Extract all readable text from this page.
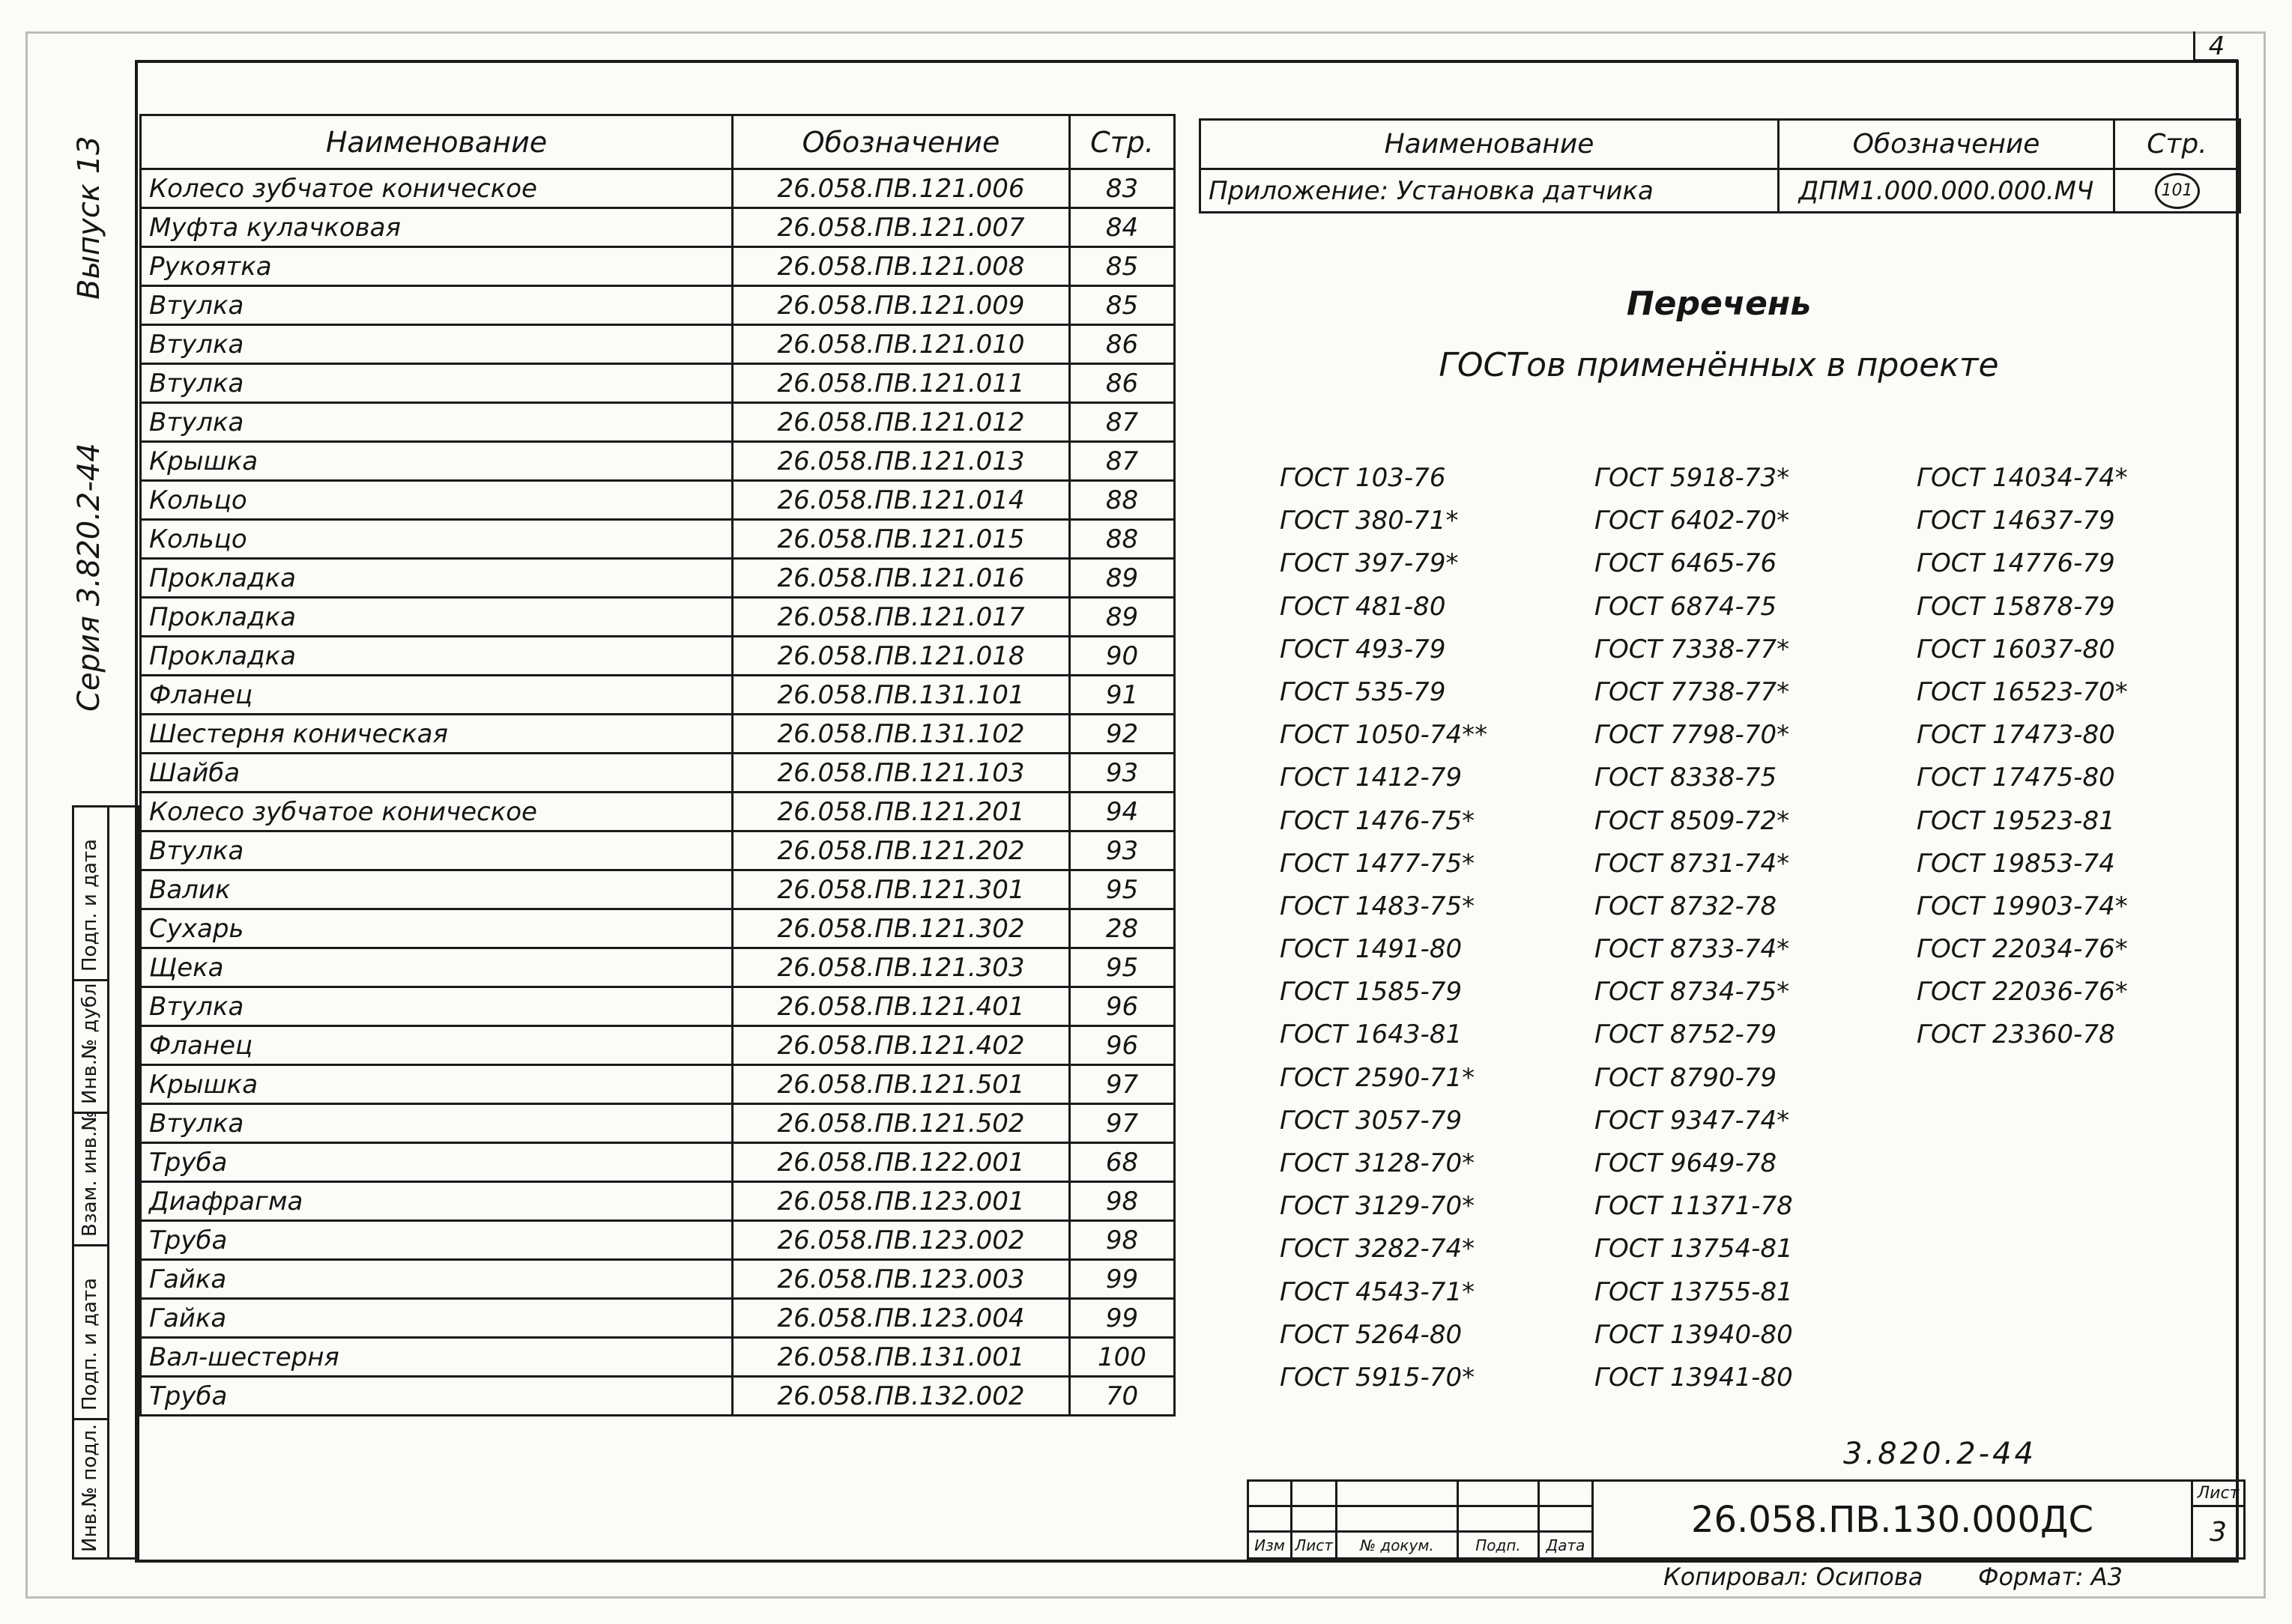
4
Выпуск 13
Серия 3.820.2-44
Подп. и дата
Инв.№ дубл.
Взам. инв.№
Подп. и дата
Инв.№ подл.
Наименование	Обозначение	Стр.
Колесо зубчатое коническое	26.058.ПВ.121.006	83
Муфта кулачковая	26.058.ПВ.121.007	84
Рукоятка	26.058.ПВ.121.008	85
Втулка	26.058.ПВ.121.009	85
Втулка	26.058.ПВ.121.010	86
Втулка	26.058.ПВ.121.011	86
Втулка	26.058.ПВ.121.012	87
Крышка	26.058.ПВ.121.013	87
Кольцо	26.058.ПВ.121.014	88
Кольцо	26.058.ПВ.121.015	88
Прокладка	26.058.ПВ.121.016	89
Прокладка	26.058.ПВ.121.017	89
Прокладка	26.058.ПВ.121.018	90
Фланец	26.058.ПВ.131.101	91
Шестерня коническая	26.058.ПВ.131.102	92
Шайба	26.058.ПВ.121.103	93
Колесо зубчатое коническое	26.058.ПВ.121.201	94
Втулка	26.058.ПВ.121.202	93
Валик	26.058.ПВ.121.301	95
Сухарь	26.058.ПВ.121.302	28
Щека	26.058.ПВ.121.303	95
Втулка	26.058.ПВ.121.401	96
Фланец	26.058.ПВ.121.402	96
Крышка	26.058.ПВ.121.501	97
Втулка	26.058.ПВ.121.502	97
Труба	26.058.ПВ.122.001	68
Диафрагма	26.058.ПВ.123.001	98
Труба	26.058.ПВ.123.002	98
Гайка	26.058.ПВ.123.003	99
Гайка	26.058.ПВ.123.004	99
Вал-шестерня	26.058.ПВ.131.001	100
Труба	26.058.ПВ.132.002	70
Наименование	Обозначение	Стр.
Приложение: Установка датчика	ДПМ1.000.000.000.МЧ	101
Перечень
ГОСТов применённых в проекте
ГОСТ 103-76
ГОСТ 380-71*
ГОСТ 397-79*
ГОСТ 481-80
ГОСТ 493-79
ГОСТ 535-79
ГОСТ 1050-74**
ГОСТ 1412-79
ГОСТ 1476-75*
ГОСТ 1477-75*
ГОСТ 1483-75*
ГОСТ 1491-80
ГОСТ 1585-79
ГОСТ 1643-81
ГОСТ 2590-71*
ГОСТ 3057-79
ГОСТ 3128-70*
ГОСТ 3129-70*
ГОСТ 3282-74*
ГОСТ 4543-71*
ГОСТ 5264-80
ГОСТ 5915-70*
ГОСТ 5918-73*
ГОСТ 6402-70*
ГОСТ 6465-76
ГОСТ 6874-75
ГОСТ 7338-77*
ГОСТ 7738-77*
ГОСТ 7798-70*
ГОСТ 8338-75
ГОСТ 8509-72*
ГОСТ 8731-74*
ГОСТ 8732-78
ГОСТ 8733-74*
ГОСТ 8734-75*
ГОСТ 8752-79
ГОСТ 8790-79
ГОСТ 9347-74*
ГОСТ 9649-78
ГОСТ 11371-78
ГОСТ 13754-81
ГОСТ 13755-81
ГОСТ 13940-80
ГОСТ 13941-80
ГОСТ 14034-74*
ГОСТ 14637-79
ГОСТ 14776-79
ГОСТ 15878-79
ГОСТ 16037-80
ГОСТ 16523-70*
ГОСТ 17473-80
ГОСТ 17475-80
ГОСТ 19523-81
ГОСТ 19853-74
ГОСТ 19903-74*
ГОСТ 22034-76*
ГОСТ 22036-76*
ГОСТ 23360-78
3.820.2-44
					26.058.ПВ.130.000ДС	Лист
						3
Изм	Лист	№ докум.	Подп.	Дата		
Копировал: Осипова Формат: А3
